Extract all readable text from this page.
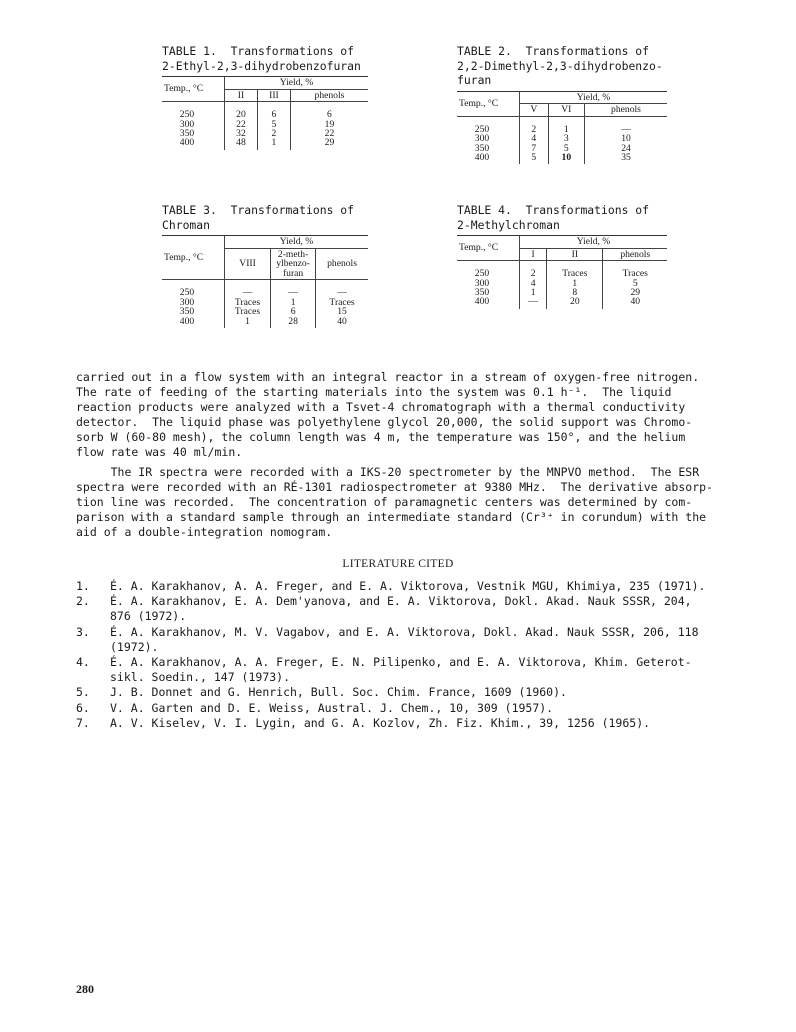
TABLE 1.  Transformations of
2-Ethyl-2,3-dihydrobenzofuran
Temp., °C	Yield, %		
	II	III	phenols

250	20	6	6
300	22	5	19
350	32	2	22
400	48	1	29
TABLE 2.  Transformations of
2,2-Dimethyl-2,3-dihydrobenzo-
furan
Temp., °C	Yield, %		
	V	VI	phenols

250	2	1	—
300	4	3	10
350	7	5	24
400	5	10	35
TABLE 3.  Transformations of
Chroman
Temp., °C	Yield, %		
	VIII	2-meth-ylbenzo-furan	phenols

250	—	—	—
300	Traces	1	Traces
350	Traces	6	15
400	1	28	40
TABLE 4.  Transformations of
2-Methylchroman
Temp., °C	Yield, %		
	I	II	phenols

250	2	Traces	Traces
300	4	1	5
350	1	8	29
400	—	20	40
carried out in a flow system with an integral reactor in a stream of oxygen-free nitrogen.
The rate of feeding of the starting materials into the system was 0.1 h⁻¹.  The liquid
reaction products were analyzed with a Tsvet-4 chromatograph with a thermal conductivity
detector.  The liquid phase was polyethylene glycol 20,000, the solid support was Chromo-
sorb W (60-80 mesh), the column length was 4 m, the temperature was 150°, and the helium
flow rate was 40 ml/min.
The IR spectra were recorded with a IKS-20 spectrometer by the MNPVO method.  The ESR
spectra were recorded with an RÉ-1301 radiospectrometer at 9380 MHz.  The derivative absorp-
tion line was recorded.  The concentration of paramagnetic centers was determined by com-
parison with a standard sample through an intermediate standard (Cr³⁺ in corundum) with the
aid of a double-integration nomogram.
LITERATURE CITED
1.	É. A. Karakhanov, A. A. Freger, and E. A. Viktorova, Vestnik MGU, Khimiya, 235 (1971).
2.	É. A. Karakhanov, E. A. Dem'yanova, and E. A. Viktorova, Dokl. Akad. Nauk SSSR, 204,
876 (1972).
3.	É. A. Karakhanov, M. V. Vagabov, and E. A. Viktorova, Dokl. Akad. Nauk SSSR, 206, 118
(1972).
4.	É. A. Karakhanov, A. A. Freger, E. N. Pilipenko, and E. A. Viktorova, Khim. Geterot-
sikl. Soedin., 147 (1973).
5.	J. B. Donnet and G. Henrich, Bull. Soc. Chim. France, 1609 (1960).
6.	V. A. Garten and D. E. Weiss, Austral. J. Chem., 10, 309 (1957).
7.	A. V. Kiselev, V. I. Lygin, and G. A. Kozlov, Zh. Fiz. Khim., 39, 1256 (1965).
280
